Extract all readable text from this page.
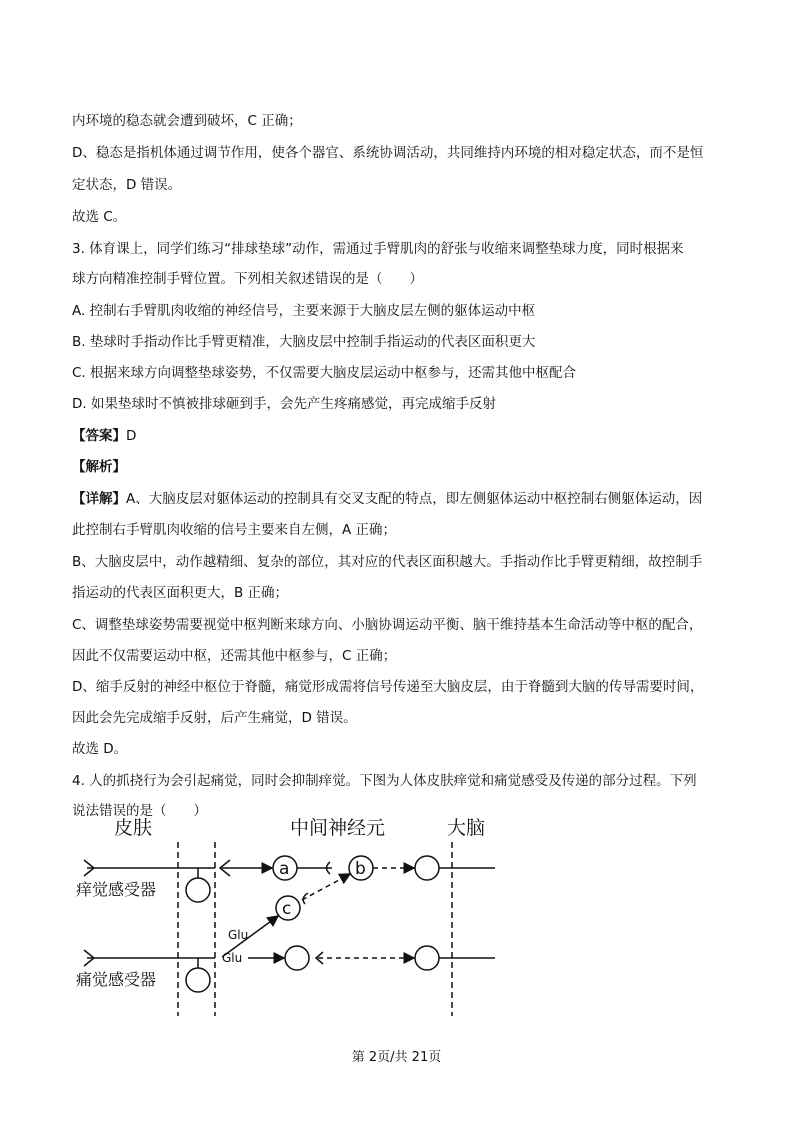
内环境的稳态就会遭到破坏，C 正确；
D、稳态是指机体通过调节作用，使各个器官、系统协调活动，共同维持内环境的相对稳定状态，而不是恒
定状态，D 错误。
故选 C。
3. 体育课上，同学们练习“排球垫球”动作，需通过手臂肌肉的舒张与收缩来调整垫球力度，同时根据来
球方向精准控制手臂位置。下列相关叙述错误的是（　　）
A. 控制右手臂肌肉收缩的神经信号，主要来源于大脑皮层左侧的躯体运动中枢
B. 垫球时手指动作比手臂更精准，大脑皮层中控制手指运动的代表区面积更大
C. 根据来球方向调整垫球姿势，不仅需要大脑皮层运动中枢参与，还需其他中枢配合
D. 如果垫球时不慎被排球砸到手，会先产生疼痛感觉，再完成缩手反射
【答案】D
【解析】
【详解】A、大脑皮层对躯体运动的控制具有交叉支配的特点，即左侧躯体运动中枢控制右侧躯体运动，因
此控制右手臂肌肉收缩的信号主要来自左侧，A 正确；
B、大脑皮层中，动作越精细、复杂的部位，其对应的代表区面积越大。手指动作比手臂更精细，故控制手
指运动的代表区面积更大，B 正确；
C、调整垫球姿势需要视觉中枢判断来球方向、小脑协调运动平衡、脑干维持基本生命活动等中枢的配合，
因此不仅需要运动中枢，还需其他中枢参与，C 正确；
D、缩手反射的神经中枢位于脊髓，痛觉形成需将信号传递至大脑皮层，由于脊髓到大脑的传导需要时间，
因此会先完成缩手反射，后产生痛觉，D 错误。
故选 D。
4. 人的抓挠行为会引起痛觉，同时会抑制痒觉。下图为人体皮肤痒觉和痛觉感受及传递的部分过程。下列
说法错误的是（　　）
皮肤	中间神经元	大脑
痒觉感受器
a	b
c
Glu
痛觉感受器
Glu
第 2页/共 21页
